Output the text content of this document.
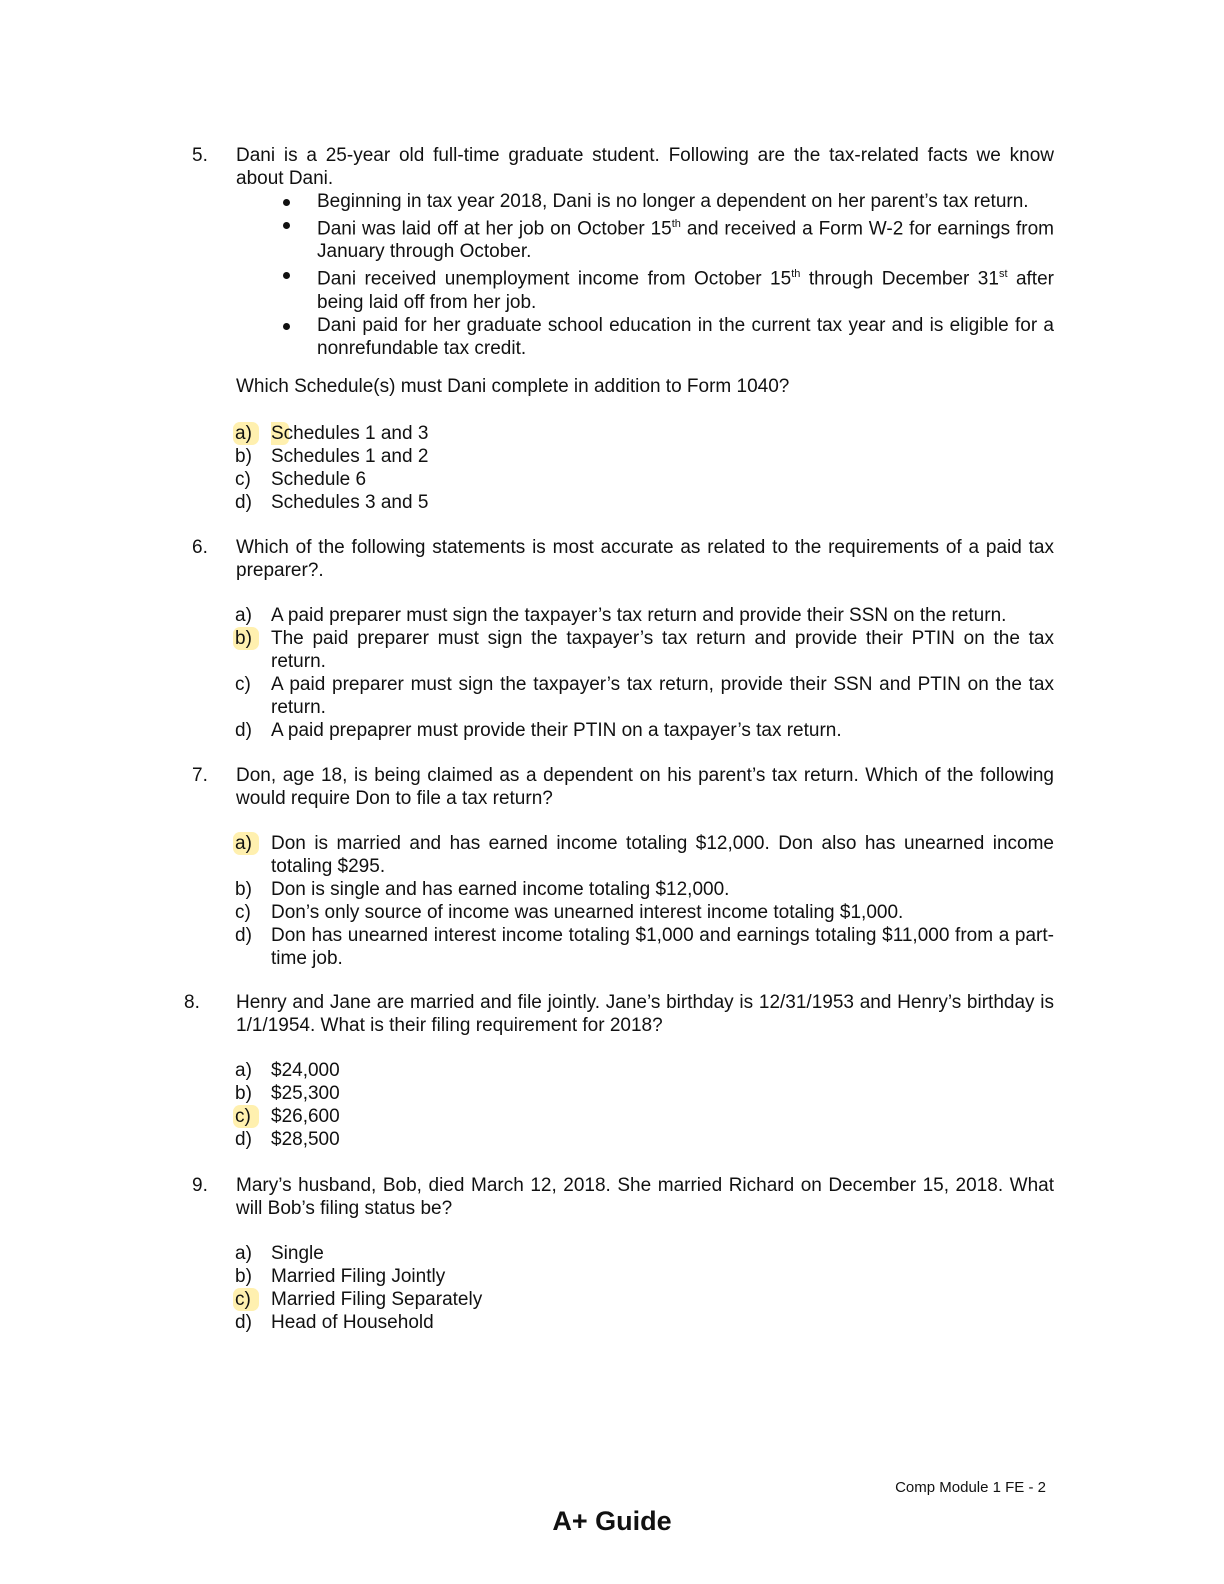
5. Dani is a 25-year old full-time graduate student. Following are the tax-related facts we know about Dani.
Beginning in tax year 2018, Dani is no longer a dependent on her parent’s tax return.
Dani was laid off at her job on October 15th and received a Form W-2 for earnings from January through October.
Dani received unemployment income from October 15th through December 31st after being laid off from her job.
Dani paid for her graduate school education in the current tax year and is eligible for a nonrefundable tax credit.
Which Schedule(s) must Dani complete in addition to Form 1040?
a)	Schedules 1 and 3
b)	Schedules 1 and 2
c)	Schedule 6
d)	Schedules 3 and 5
6. Which of the following statements is most accurate as related to the requirements of a paid tax preparer?.
a)	A paid preparer must sign the taxpayer’s tax return and provide their SSN on the return.
b)	The paid preparer must sign the taxpayer’s tax return and provide their PTIN on the tax return.
c)	A paid preparer must sign the taxpayer’s tax return, provide their SSN and PTIN on the tax return.
d)	A paid prepaprer must provide their PTIN on a taxpayer’s tax return.
7. Don, age 18, is being claimed as a dependent on his parent’s tax return. Which of the following would require Don to file a tax return?
a)	Don is married and has earned income totaling $12,000. Don also has unearned income totaling $295.
b)	Don is single and has earned income totaling $12,000.
c)	Don’s only source of income was unearned interest income totaling $1,000.
d)	Don has unearned interest income totaling $1,000 and earnings totaling $11,000 from a part-time job.
8. Henry and Jane are married and file jointly. Jane’s birthday is 12/31/1953 and Henry’s birthday is 1/1/1954. What is their filing requirement for 2018?
a)	$24,000
b)	$25,300
c)	$26,600
d)	$28,500
9. Mary’s husband, Bob, died March 12, 2018. She married Richard on December 15, 2018. What will Bob’s filing status be?
a)	Single
b)	Married Filing Jointly
c)	Married Filing Separately
d)	Head of Household
Comp Module 1 FE - 2
A+ Guide
